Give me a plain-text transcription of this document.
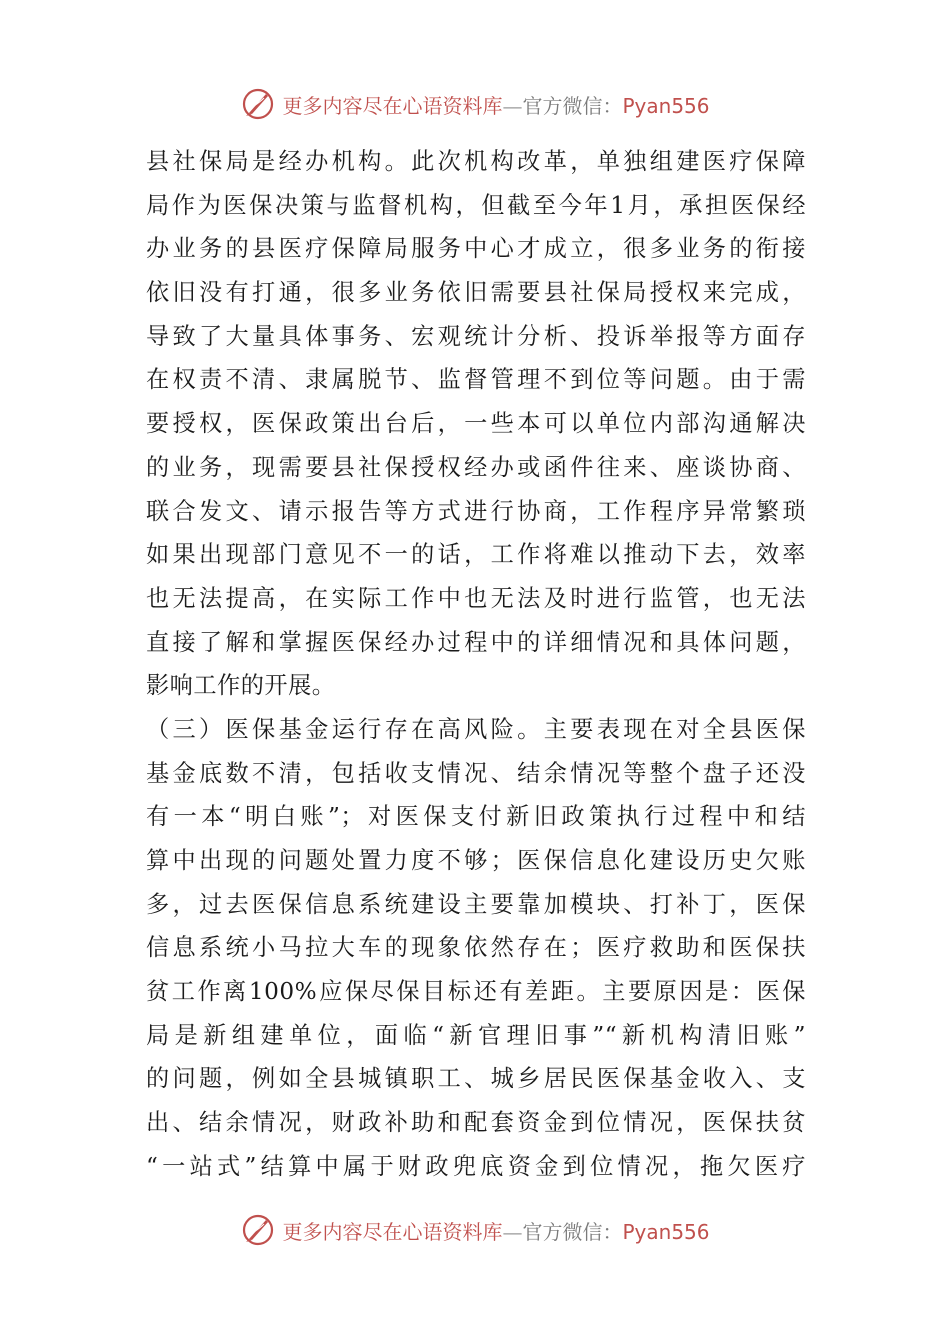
更多内容尽在心语资料库—官方微信：Pyan556
县社保局是经办机构。此次机构改革，单独组建医疗保障
局作为医保决策与监督机构，但截至今年1月，承担医保经
办业务的县医疗保障局服务中心才成立，很多业务的衔接
依旧没有打通，很多业务依旧需要县社保局授权来完成，
导致了大量具体事务、宏观统计分析、投诉举报等方面存
在权责不清、隶属脱节、监督管理不到位等问题。由于需
要授权，医保政策出台后，一些本可以单位内部沟通解决
的业务，现需要县社保授权经办或函件往来、座谈协商、
联合发文、请示报告等方式进行协商，工作程序异常繁琐
如果出现部门意见不一的话，工作将难以推动下去，效率
也无法提高，在实际工作中也无法及时进行监管，也无法
直接了解和掌握医保经办过程中的详细情况和具体问题，
影响工作的开展。
（三）医保基金运行存在高风险。主要表现在对全县医保
基金底数不清，包括收支情况、结余情况等整个盘子还没
有一本“明白账”；对医保支付新旧政策执行过程中和结
算中出现的问题处置力度不够；医保信息化建设历史欠账
多，过去医保信息系统建设主要靠加模块、打补丁，医保
信息系统小马拉大车的现象依然存在；医疗救助和医保扶
贫工作离100%应保尽保目标还有差距。主要原因是：医保
局是新组建单位，面临“新官理旧事”“新机构清旧账”
的问题，例如全县城镇职工、城乡居民医保基金收入、支
出、结余情况，财政补助和配套资金到位情况，医保扶贫
“一站式”结算中属于财政兜底资金到位情况，拖欠医疗
更多内容尽在心语资料库—官方微信：Pyan556
